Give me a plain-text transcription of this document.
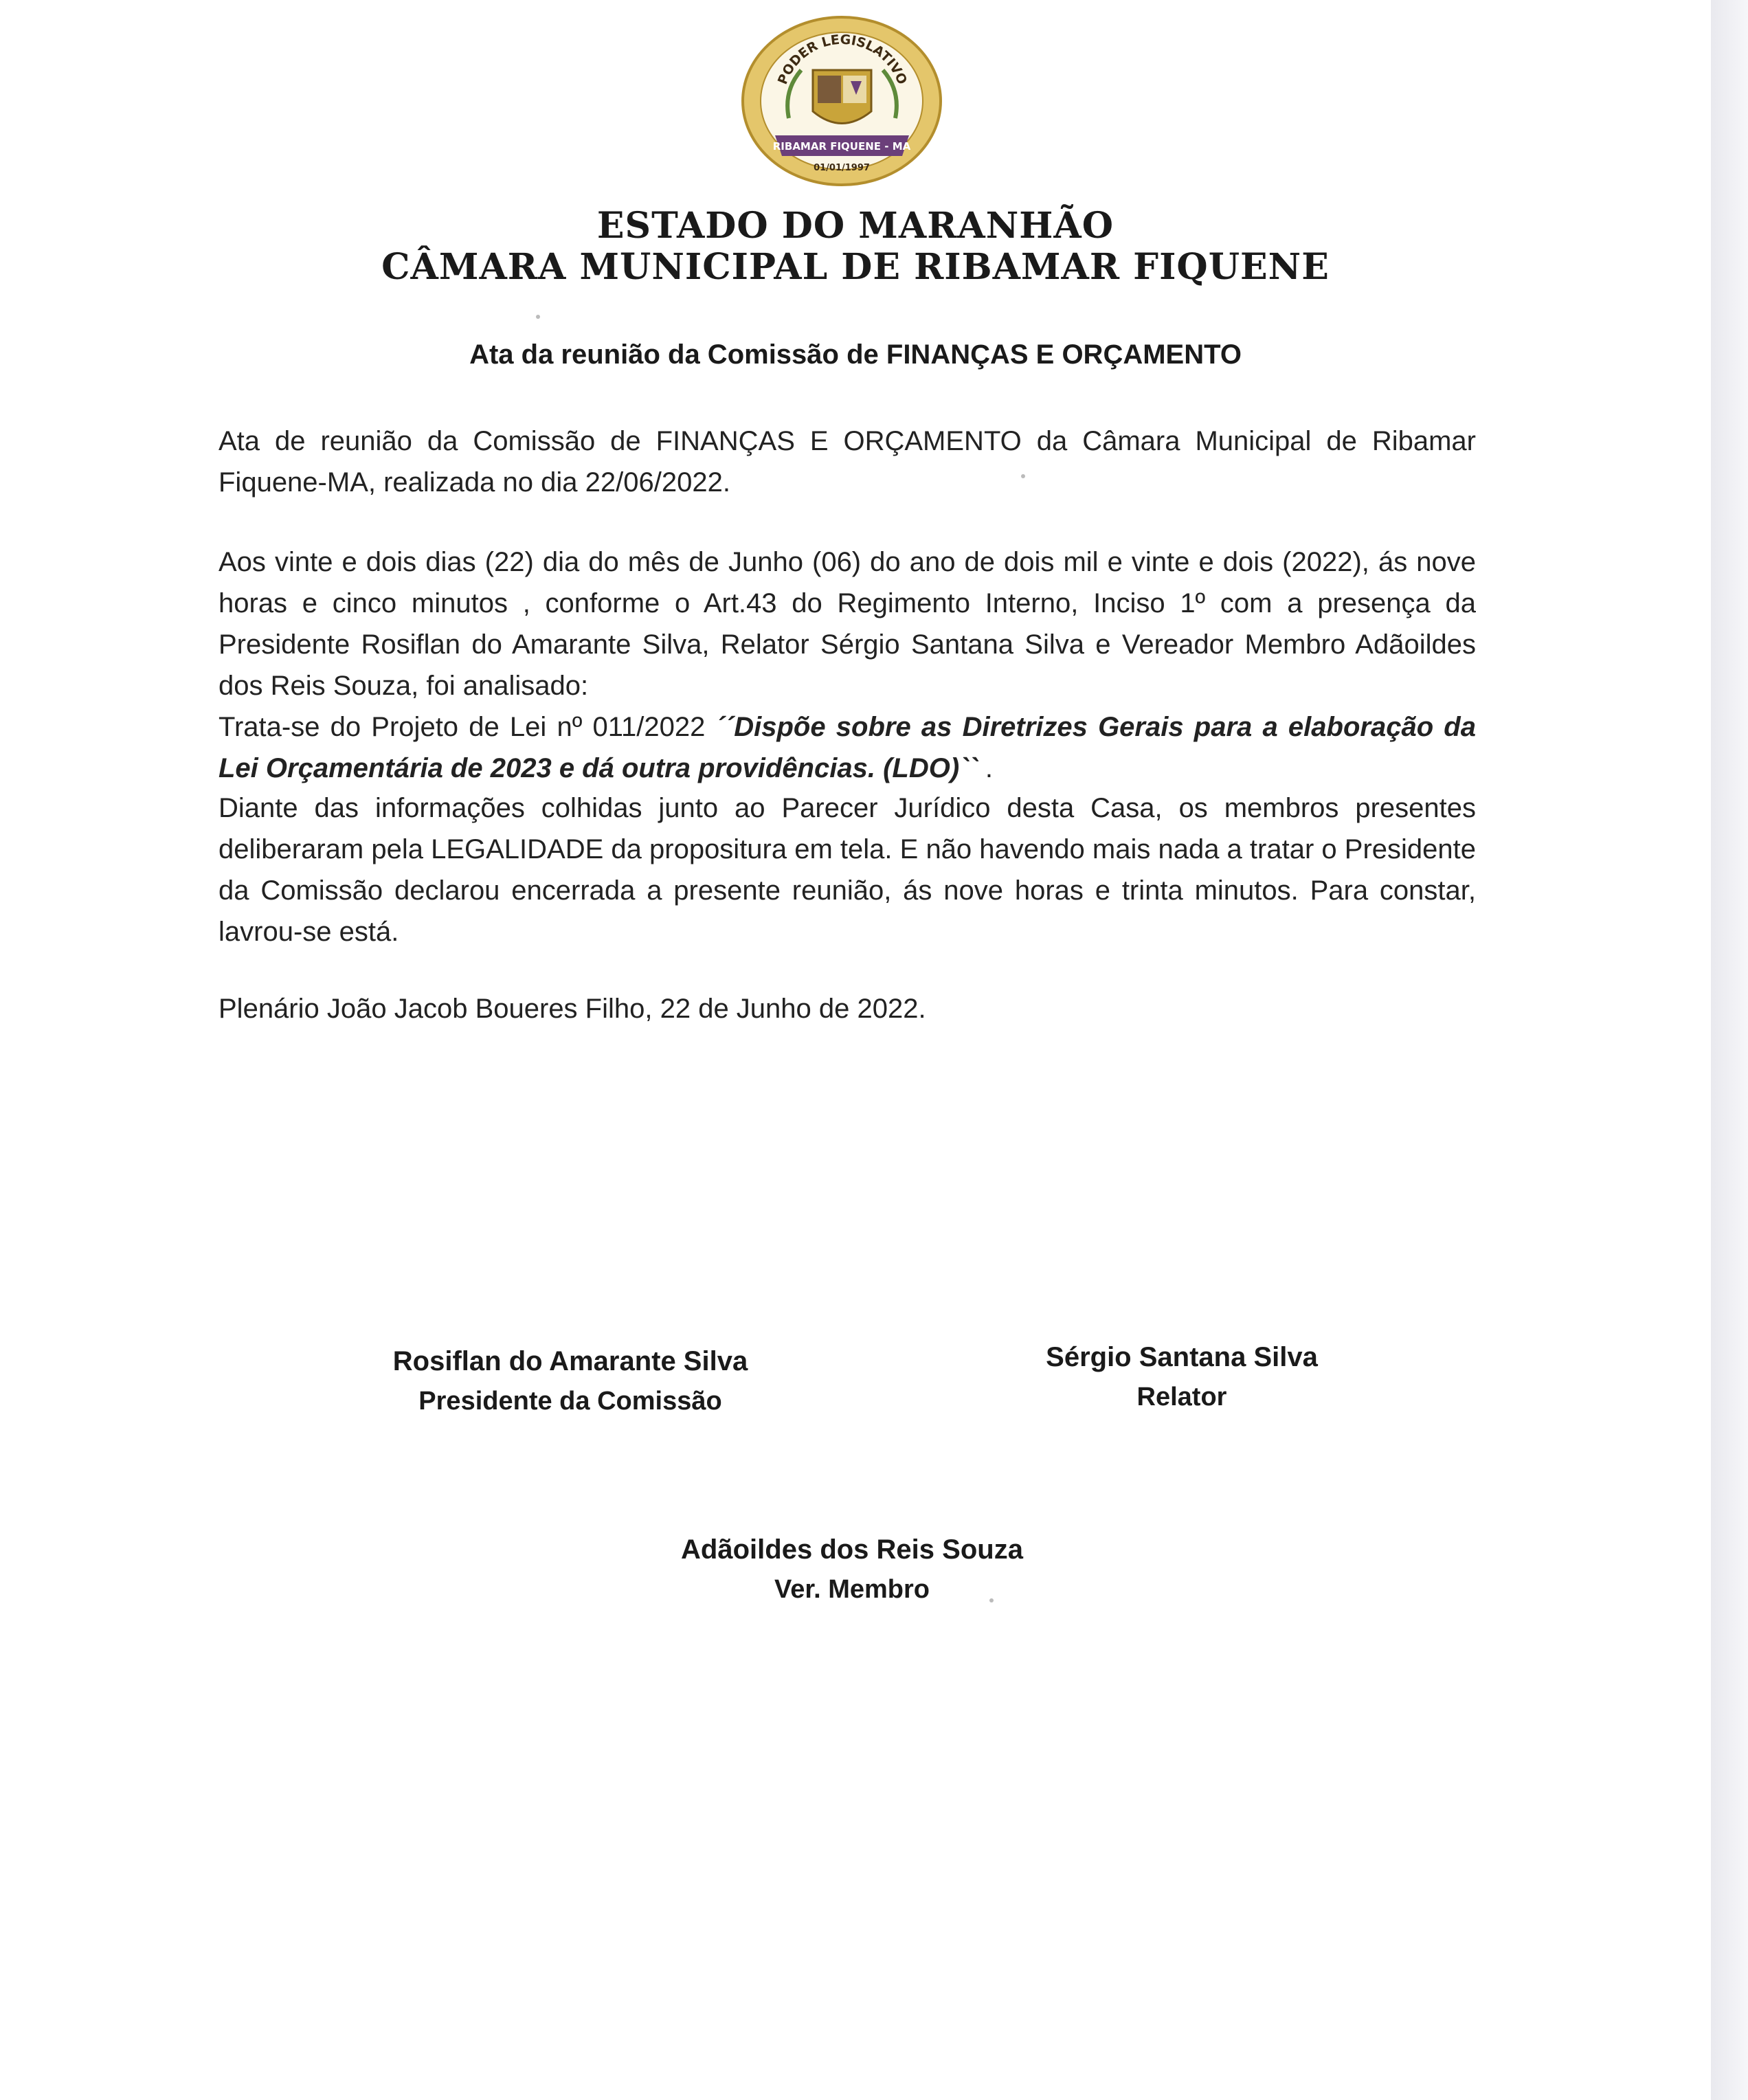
PODER LEGISLATIVO
RIBAMAR FIQUENE - MA
01/01/1997
ESTADO DO MARANHÃO
CÂMARA MUNICIPAL DE RIBAMAR FIQUENE
Ata da reunião da Comissão de FINANÇAS E ORÇAMENTO

Ata de reunião da Comissão de FINANÇAS E ORÇAMENTO da Câmara Municipal de Ribamar Fiquene-MA, realizada no dia 22/06/2022.

Aos vinte e dois dias (22) dia do mês de Junho (06) do ano de dois mil e vinte e dois (2022), ás nove horas e cinco minutos , conforme o Art.43 do Regimento Interno, Inciso 1º com a presença da Presidente Rosiflan do Amarante Silva, Relator Sérgio Santana Silva e Vereador Membro Adãoildes dos Reis Souza, foi analisado:

Trata-se do Projeto de Lei nº 011/2022 ´´Dispõe sobre as Diretrizes Gerais para a elaboração da Lei Orçamentária de 2023 e dá outra providências. (LDO)`` .

Diante das informações colhidas junto ao Parecer Jurídico desta Casa, os membros presentes deliberaram pela LEGALIDADE da propositura em tela. E não havendo mais nada a tratar o Presidente da Comissão declarou encerrada a presente reunião, ás nove horas e trinta minutos. Para constar, lavrou-se está.

Plenário João Jacob Boueres Filho, 22 de Junho de 2022.

Rosiflan do Amarante Silva
Presidente da Comissão
Sérgio Santana Silva
Relator
Adãoildes dos Reis Souza
Ver. Membro
